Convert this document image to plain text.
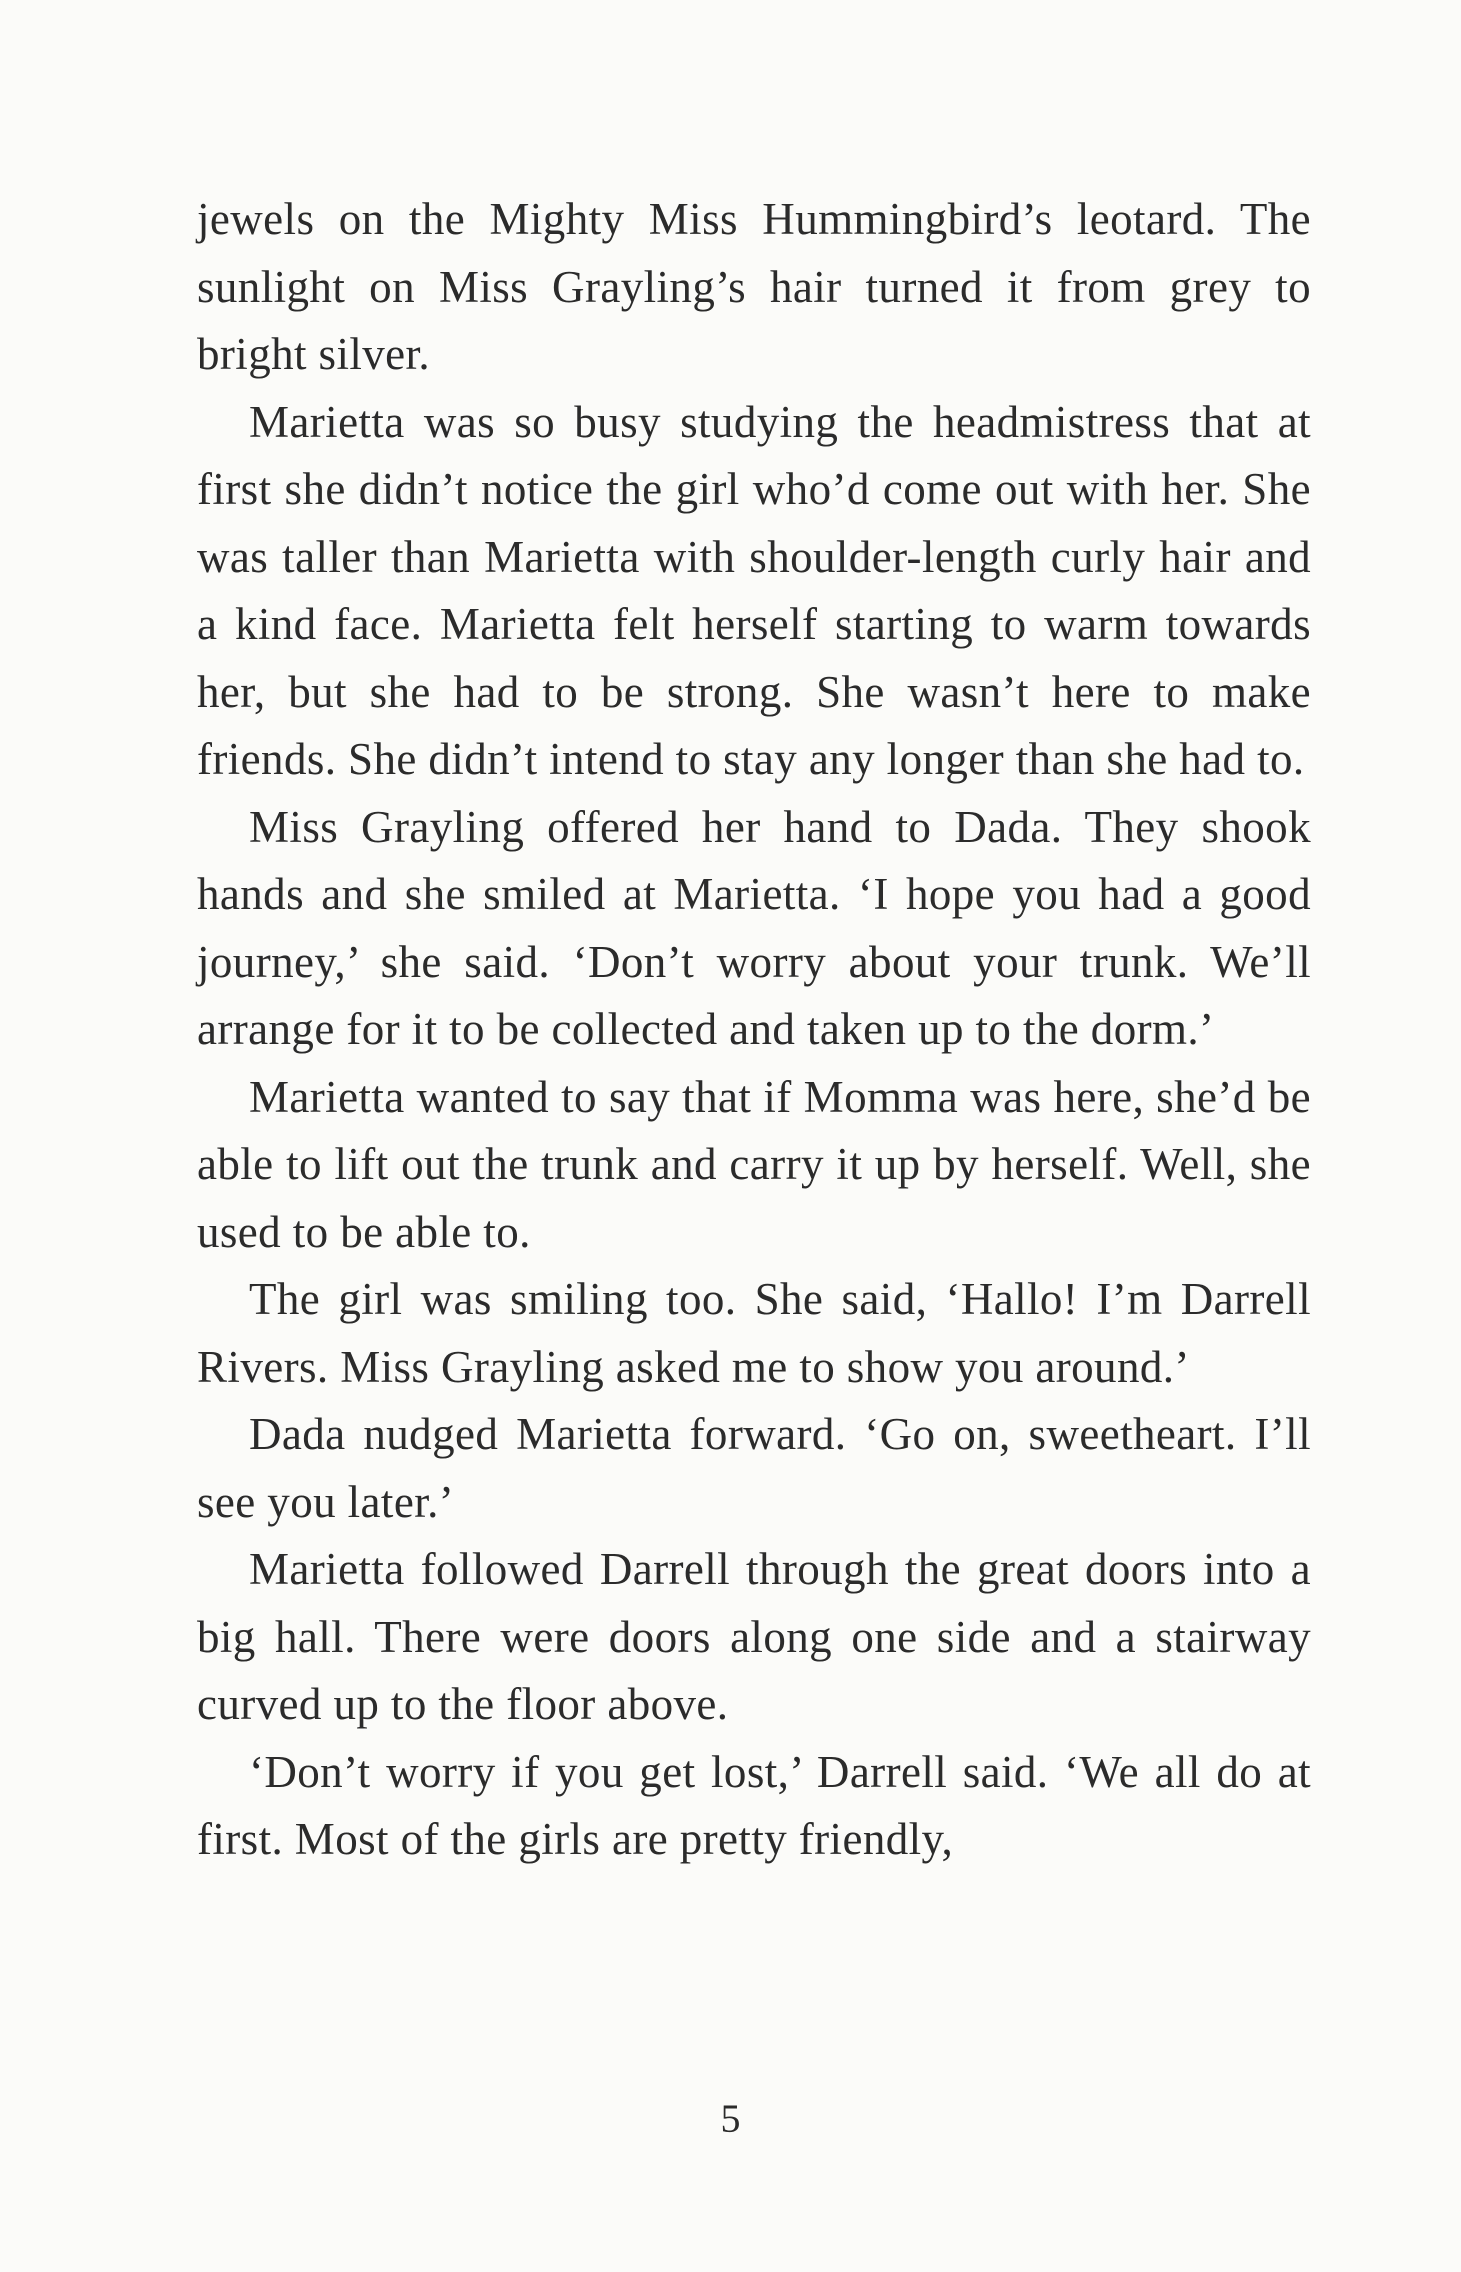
jewels on the Mighty Miss Hummingbird’s leotard. The sunlight on Miss Grayling’s hair turned it from grey to bright silver.

Marietta was so busy studying the headmistress that at first she didn’t notice the girl who’d come out with her. She was taller than Marietta with shoulder-length curly hair and a kind face. Marietta felt herself starting to warm towards her, but she had to be strong. She wasn’t here to make friends. She didn’t intend to stay any longer than she had to.

Miss Grayling offered her hand to Dada. They shook hands and she smiled at Marietta. ‘I hope you had a good journey,’ she said. ‘Don’t worry about your trunk. We’ll arrange for it to be collected and taken up to the dorm.’

Marietta wanted to say that if Momma was here, she’d be able to lift out the trunk and carry it up by herself. Well, she used to be able to.

The girl was smiling too. She said, ‘Hallo! I’m Darrell Rivers. Miss Grayling asked me to show you around.’

Dada nudged Marietta forward. ‘Go on, sweetheart. I’ll see you later.’

Marietta followed Darrell through the great doors into a big hall. There were doors along one side and a stairway curved up to the floor above.

‘Don’t worry if you get lost,’ Darrell said. ‘We all do at first. Most of the girls are pretty friendly,

5
